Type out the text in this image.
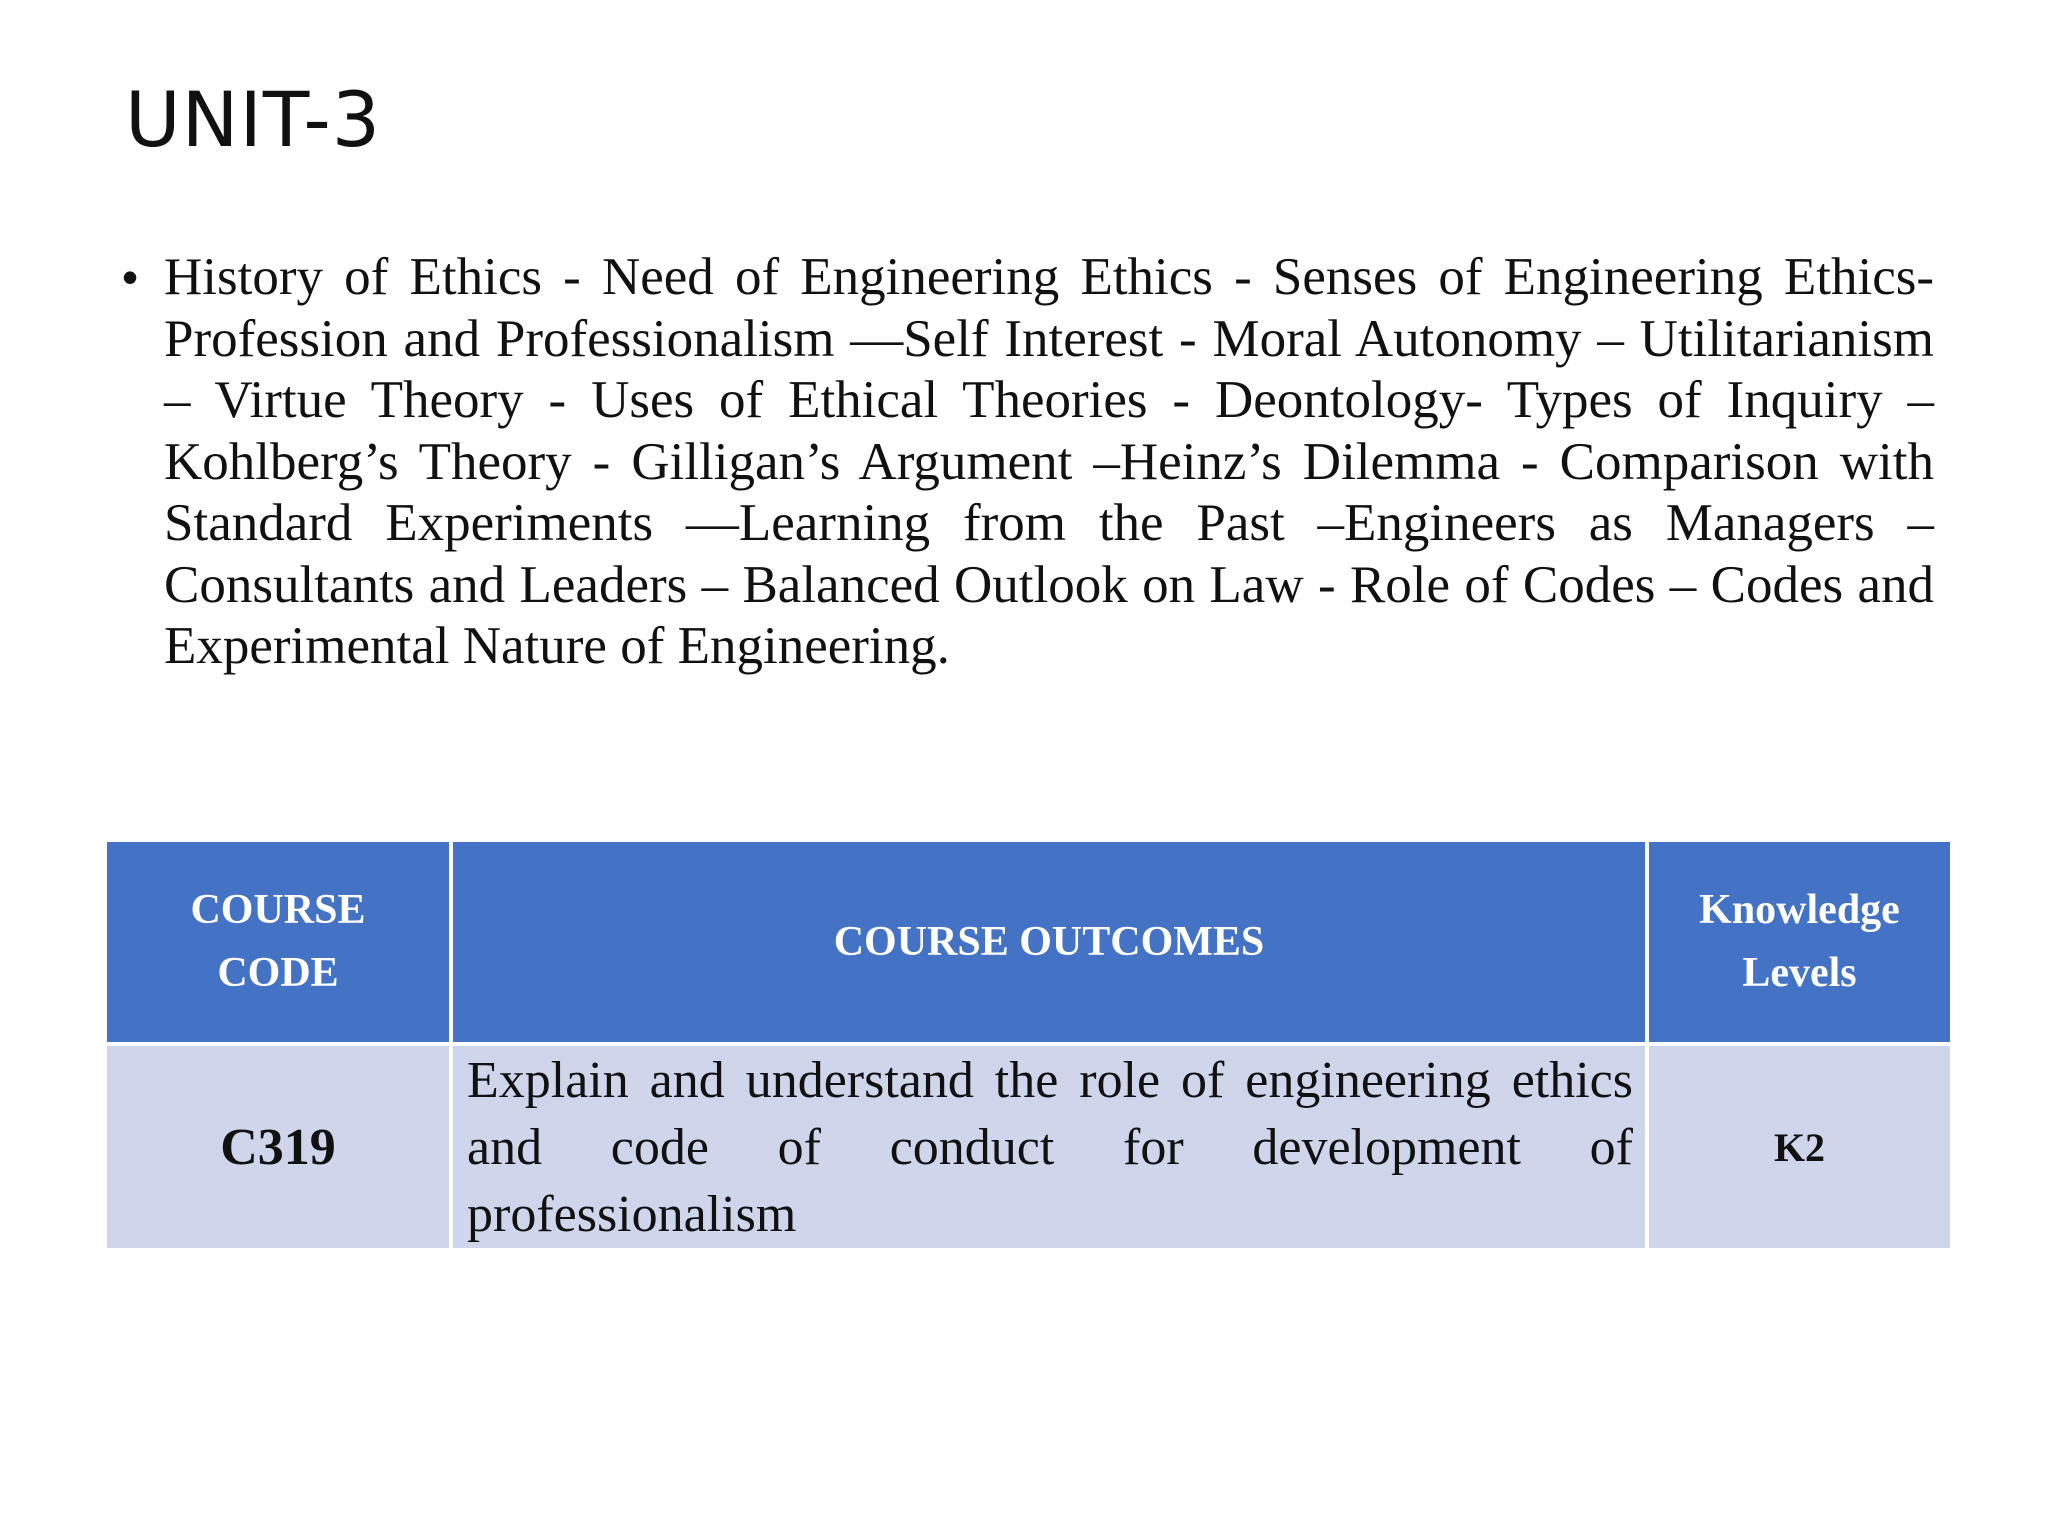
UNIT-3
• History of Ethics - Need of Engineering Ethics - Senses of Engineering Ethics- Profession and Professionalism —Self Interest - Moral Autonomy – Utilitarianism – Virtue Theory - Uses of Ethical Theories - Deontology- Types of Inquiry –Kohlberg’s Theory - Gilligan’s Argument –Heinz’s Dilemma - Comparison with Standard Experiments —Learning from the Past –Engineers as Managers – Consultants and Leaders – Balanced Outlook on Law - Role of Codes – Codes and Experimental Nature of Engineering.
COURSE CODE	COURSE OUTCOMES	Knowledge Levels
C319	Explain and understand the role of engineering ethics and code of conduct for development of professionalism	K2
